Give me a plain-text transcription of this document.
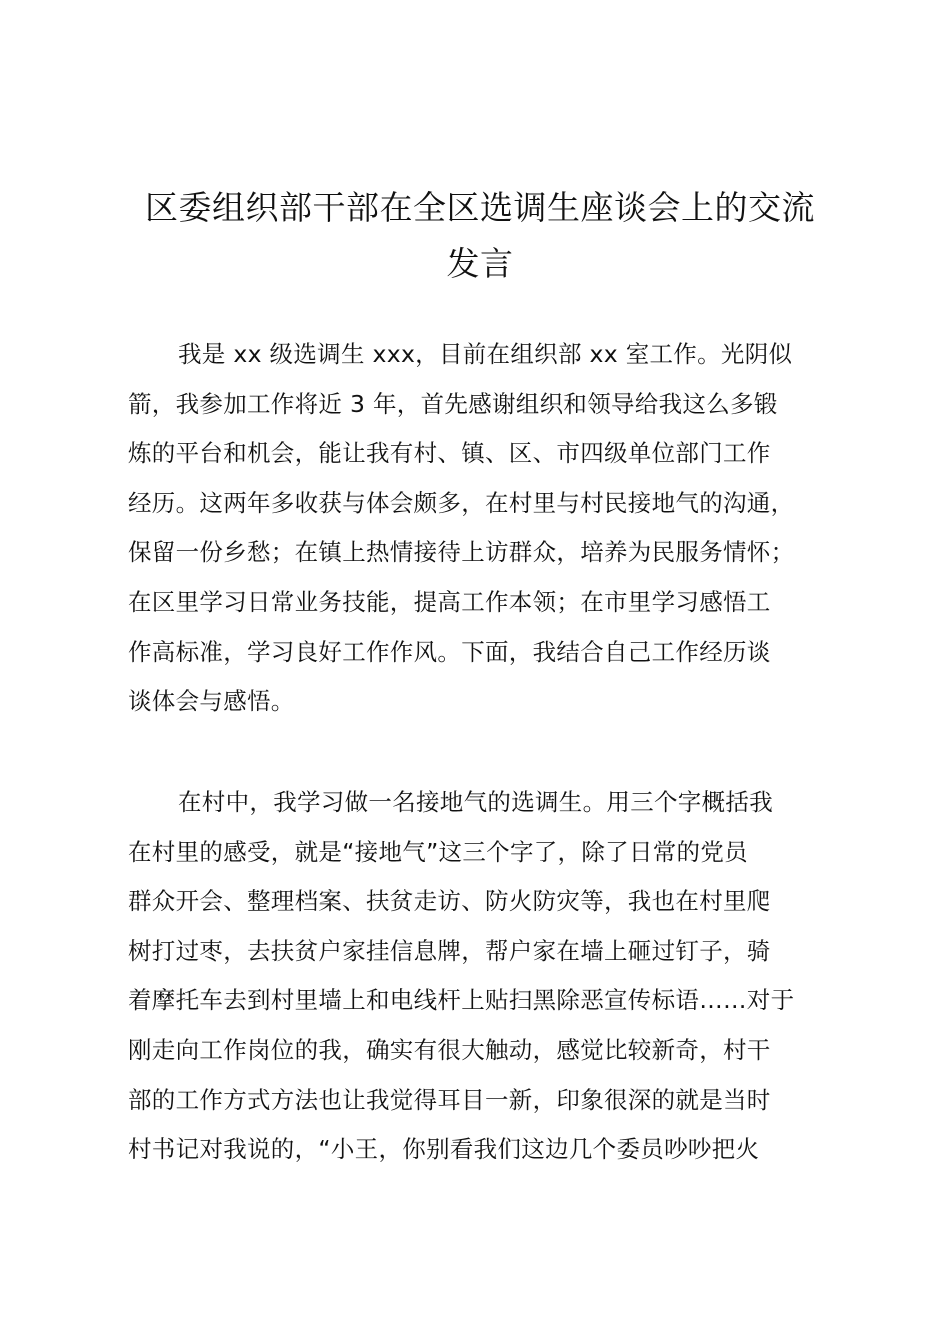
区委组织部干部在全区选调生座谈会上的交流
发言

我是 xx 级选调生 xxx，目前在组织部 xx 室工作。光阴似
箭，我参加工作将近 3 年，首先感谢组织和领导给我这么多锻
炼的平台和机会，能让我有村、镇、区、市四级单位部门工作
经历。这两年多收获与体会颇多，在村里与村民接地气的沟通，
保留一份乡愁；在镇上热情接待上访群众，培养为民服务情怀；
在区里学习日常业务技能，提高工作本领；在市里学习感悟工
作高标准，学习良好工作作风。下面，我结合自己工作经历谈
谈体会与感悟。

在村中，我学习做一名接地气的选调生。用三个字概括我
在村里的感受，就是“接地气”这三个字了，除了日常的党员
群众开会、整理档案、扶贫走访、防火防灾等，我也在村里爬
树打过枣，去扶贫户家挂信息牌，帮户家在墙上砸过钉子，骑
着摩托车去到村里墙上和电线杆上贴扫黑除恶宣传标语……对于
刚走向工作岗位的我，确实有很大触动，感觉比较新奇，村干
部的工作方式方法也让我觉得耳目一新，印象很深的就是当时
村书记对我说的，“小王，你别看我们这边几个委员吵吵把火
